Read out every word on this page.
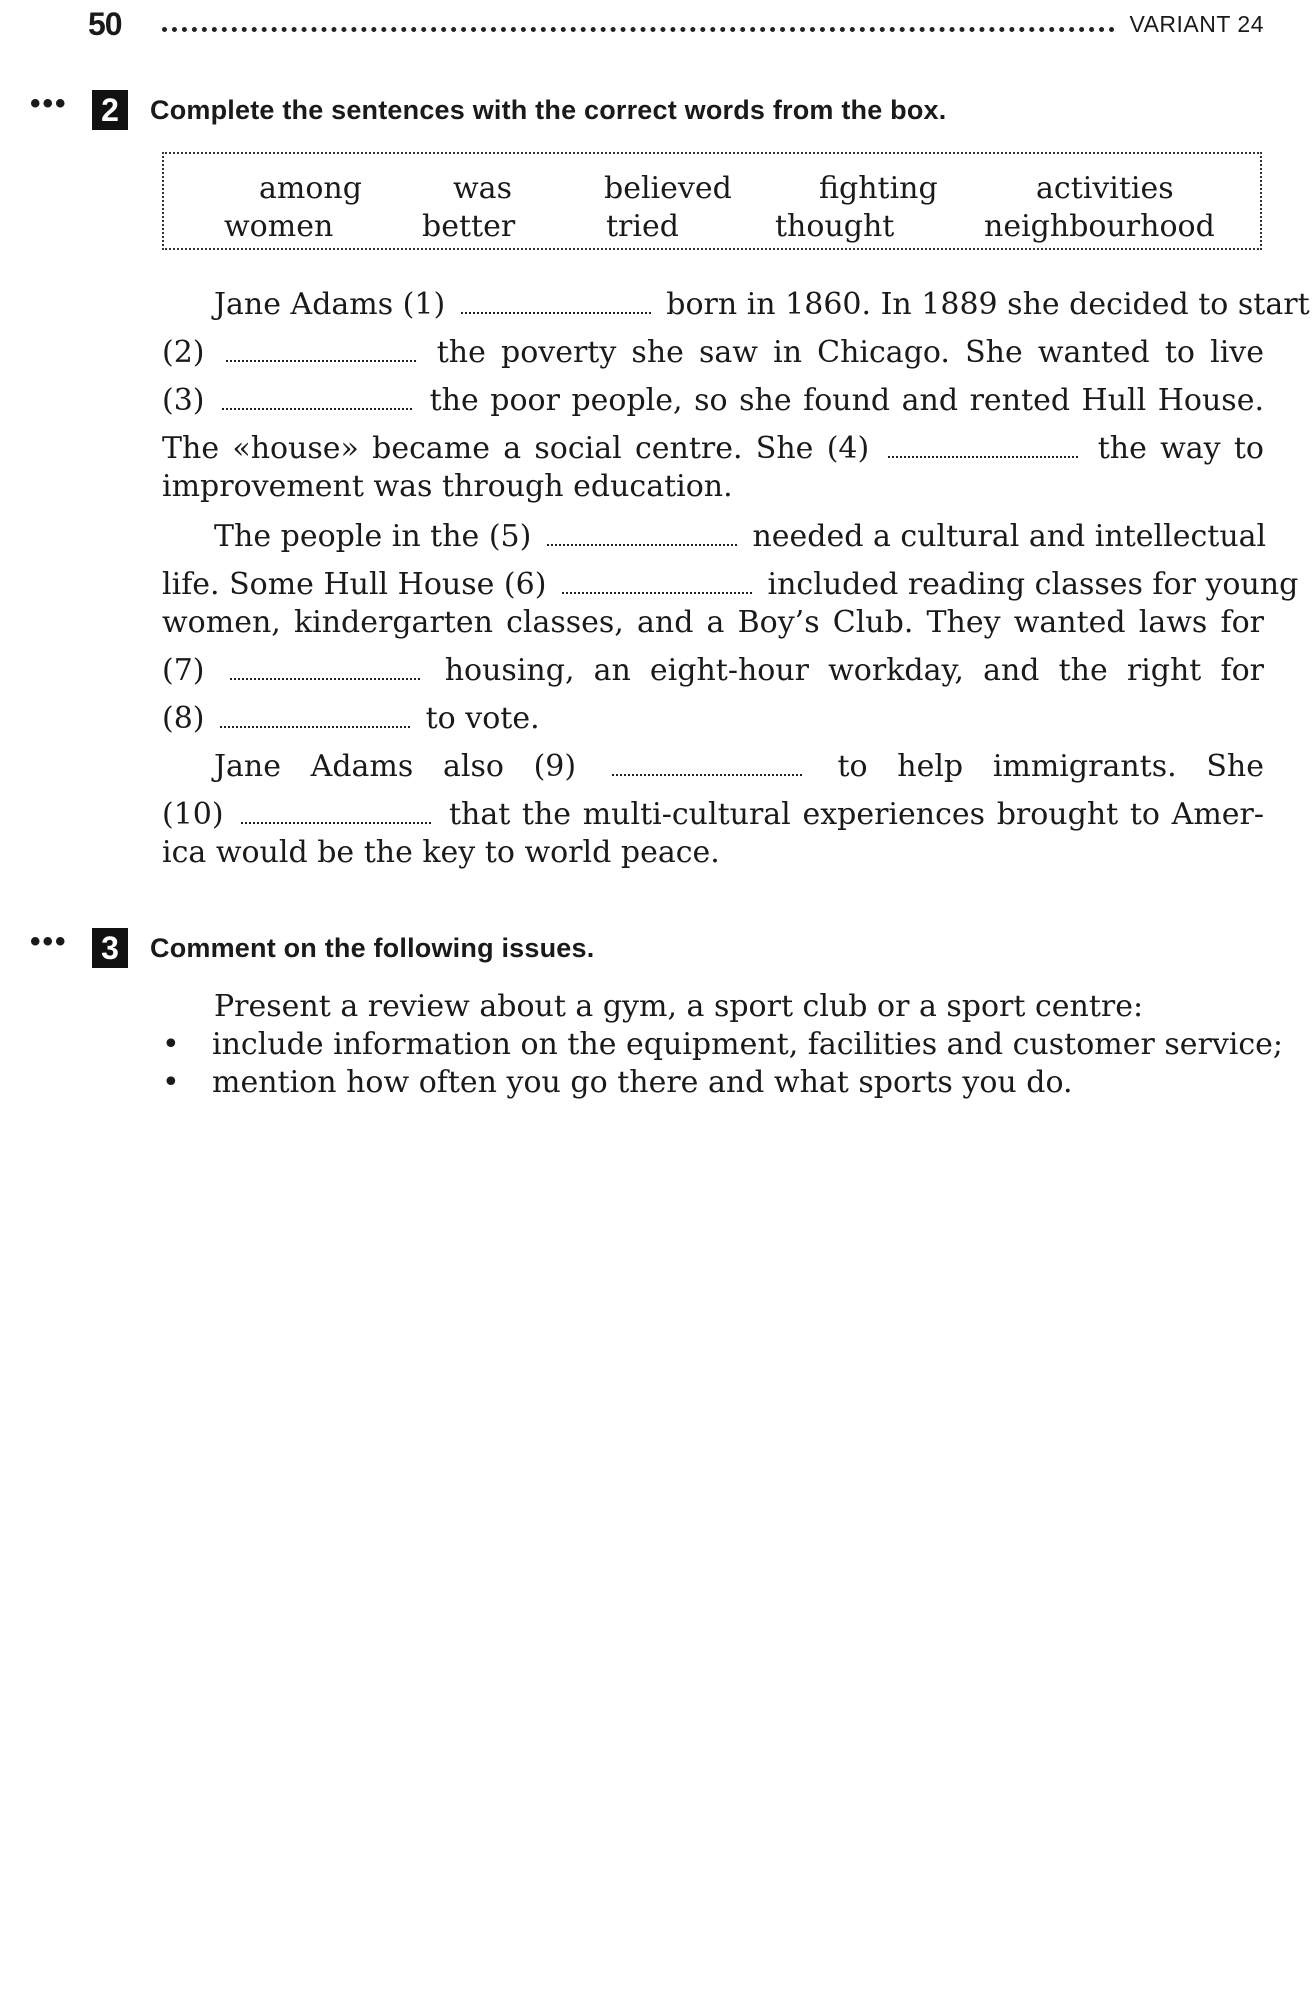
50	VARIANT 24
•••	2	Complete the sentences with the correct words from the box.
among	was	believed	fighting	activities
women	better	tried	thought	neighbourhood
Jane Adams (1)	born in 1860. In 1889 she decided to start
(2)	the poverty she saw in Chicago. She wanted to live
(3)	the poor people, so she found and rented Hull House.
The «house» became a social centre. She (4)	the way to
improvement was through education.
The people in the (5)	needed a cultural and intellectual
life. Some Hull House (6)	included reading classes for young
women, kindergarten classes, and a Boy’s Club. They wanted laws for
(7)	housing, an eight-hour workday, and the right for
(8)	to vote.
Jane Adams also (9)	to help immigrants. She
(10)	that the multi-cultural experiences brought to Amer-
ica would be the key to world peace.
•••	3	Comment on the following issues.
Present a review about a gym, a sport club or a sport centre:
• include information on the equipment, facilities and customer service;
• mention how often you go there and what sports you do.
